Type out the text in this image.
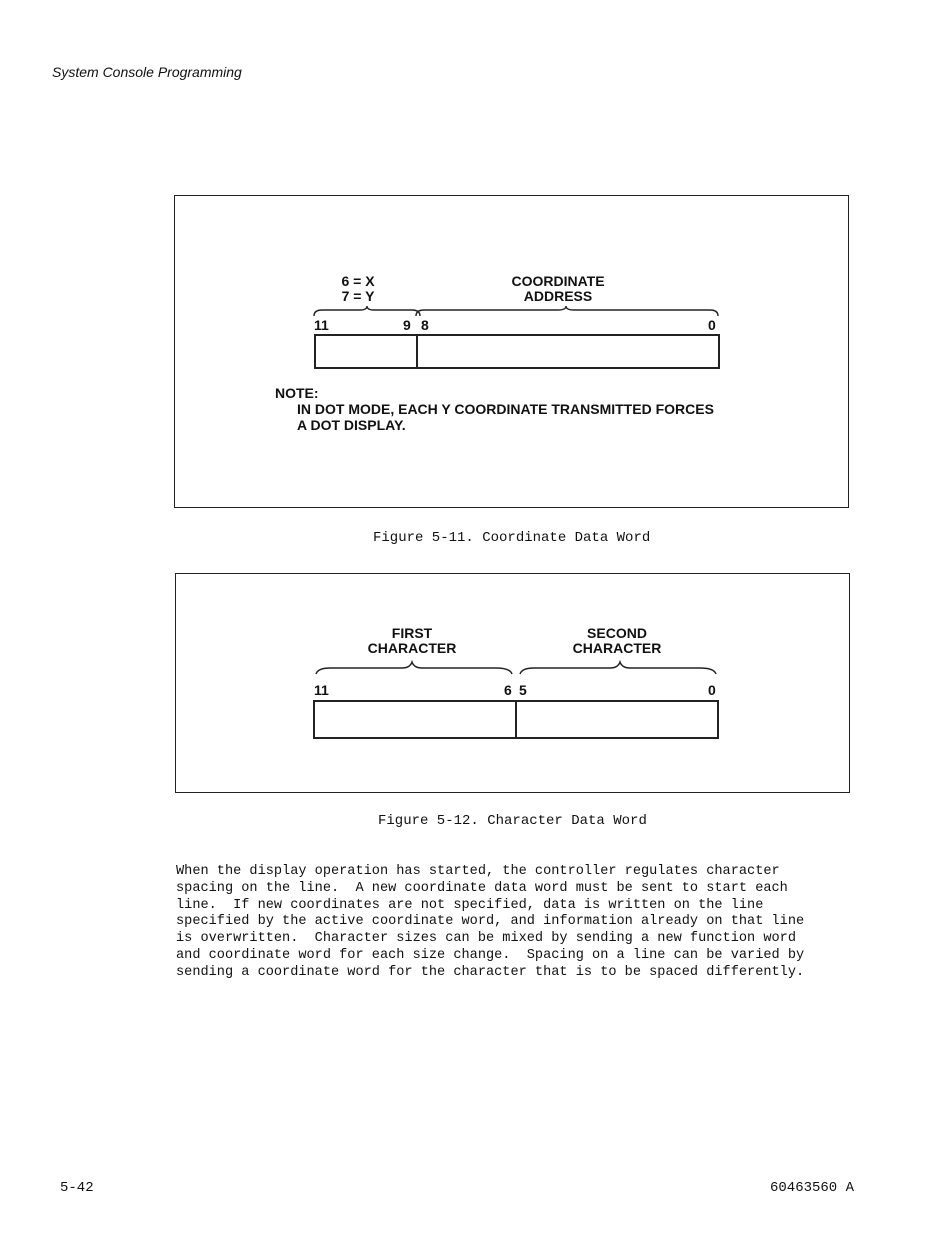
System Console Programming
6 = X
7 = Y
COORDINATE
ADDRESS
11	9 8	0
NOTE:
IN DOT MODE, EACH Y COORDINATE TRANSMITTED FORCES
A DOT DISPLAY.
Figure 5-11. Coordinate Data Word
FIRST
CHARACTER
SECOND
CHARACTER
11	6 5	0
Figure 5-12. Character Data Word
When the display operation has started, the controller regulates character
spacing on the line.  A new coordinate data word must be sent to start each
line.  If new coordinates are not specified, data is written on the line
specified by the active coordinate word, and information already on that line
is overwritten.  Character sizes can be mixed by sending a new function word
and coordinate word for each size change.  Spacing on a line can be varied by
sending a coordinate word for the character that is to be spaced differently.
5-42	60463560 A
